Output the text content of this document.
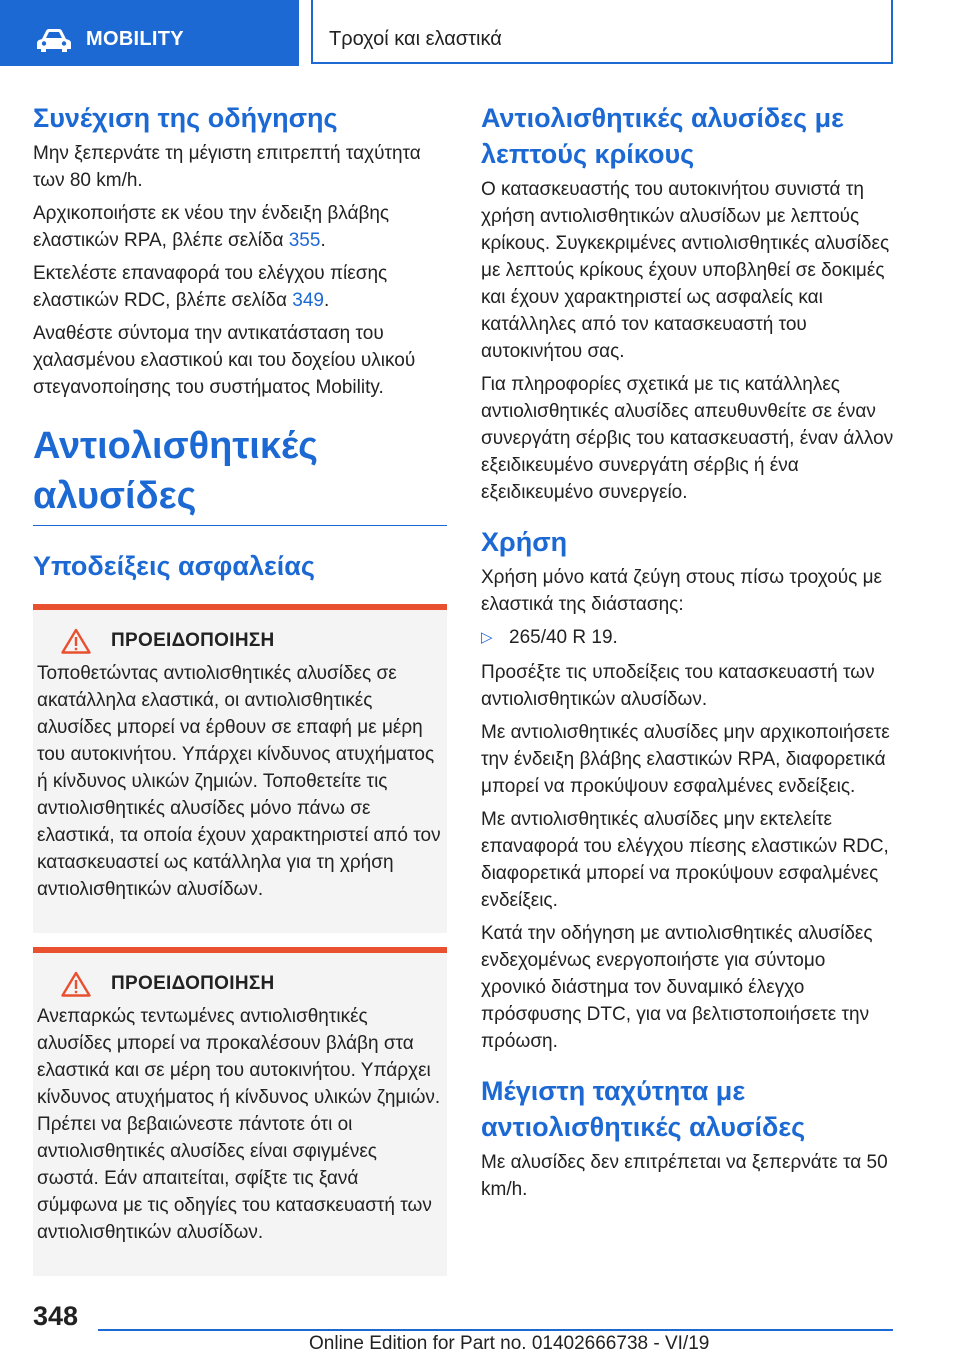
MOBILITY	Τροχοί και ελαστικά
Συνέχιση της οδήγησης

Μην ξεπερνάτε τη μέγιστη επιτρεπτή ταχύτητα των 80 km/h.

Αρχικοποιήστε εκ νέου την ένδειξη βλάβης ελαστικών RPA, βλέπε σελίδα 355.

Εκτελέστε επαναφορά του ελέγχου πίεσης ελαστικών RDC, βλέπε σελίδα 349.

Αναθέστε σύντομα την αντικατάσταση του χαλασμένου ελαστικού και του δοχείου υλικού στεγανοποίησης του συστήματος Mobility.

Αντιολισθητικές αλυσίδες
Υποδείξεις ασφαλείας
ΠΡΟΕΙΔΟΠΟΙΗΣΗ

Τοποθετώντας αντιολισθητικές αλυσίδες σε ακατάλληλα ελαστικά, οι αντιολισθητικές αλυσίδες μπορεί να έρθουν σε επαφή με μέρη του αυτοκινήτου. Υπάρχει κίνδυνος ατυχήματος ή κίνδυνος υλικών ζημιών. Τοποθετείτε τις αντιολισθητικές αλυσίδες μόνο πάνω σε ελαστικά, τα οποία έχουν χαρακτηριστεί από τον κατασκευαστεί ως κατάλληλα για τη χρήση αντιολισθητικών αλυσίδων.

ΠΡΟΕΙΔΟΠΟΙΗΣΗ

Ανεπαρκώς τεντωμένες αντιολισθητικές αλυσίδες μπορεί να προκαλέσουν βλάβη στα ελαστικά και σε μέρη του αυτοκινήτου. Υπάρχει κίνδυνος ατυχήματος ή κίνδυνος υλικών ζημιών. Πρέπει να βεβαιώνεστε πάντοτε ότι οι αντιολισθητικές αλυσίδες είναι σφιγμένες σωστά. Εάν απαιτείται, σφίξτε τις ξανά σύμφωνα με τις οδηγίες του κατασκευαστή των αντιολισθητικών αλυσίδων.

Αντιολισθητικές αλυσίδες με λεπτούς κρίκους

Ο κατασκευαστής του αυτοκινήτου συνιστά τη χρήση αντιολισθητικών αλυσίδων με λεπτούς κρίκους. Συγκεκριμένες αντιολισθητικές αλυσίδες με λεπτούς κρίκους έχουν υποβληθεί σε δοκιμές και έχουν χαρακτηριστεί ως ασφαλείς και κατάλληλες από τον κατασκευαστή του αυτοκινήτου σας.

Για πληροφορίες σχετικά με τις κατάλληλες αντιολισθητικές αλυσίδες απευθυνθείτε σε έναν συνεργάτη σέρβις του κατασκευαστή, έναν άλλον εξειδικευμένο συνεργάτη σέρβις ή ένα εξειδικευμένο συνεργείο.

Χρήση

Χρήση μόνο κατά ζεύγη στους πίσω τροχούς με ελαστικά της διάστασης:

▷ 265/40 R 19.

Προσέξτε τις υποδείξεις του κατασκευαστή των αντιολισθητικών αλυσίδων.

Με αντιολισθητικές αλυσίδες μην αρχικοποιήσετε την ένδειξη βλάβης ελαστικών RPA, διαφορετικά μπορεί να προκύψουν εσφαλμένες ενδείξεις.

Με αντιολισθητικές αλυσίδες μην εκτελείτε επαναφορά του ελέγχου πίεσης ελαστικών RDC, διαφορετικά μπορεί να προκύψουν εσφαλμένες ενδείξεις.

Κατά την οδήγηση με αντιολισθητικές αλυσίδες ενδεχομένως ενεργοποιήστε για σύντομο χρονικό διάστημα τον δυναμικό έλεγχο πρόσφυσης DTC, για να βελτιστοποιήσετε την πρόωση.

Μέγιστη ταχύτητα με αντιολισθητικές αλυσίδες

Με αλυσίδες δεν επιτρέπεται να ξεπερνάτε τα 50 km/h.

348
Online Edition for Part no. 01402666738 - VI/19
